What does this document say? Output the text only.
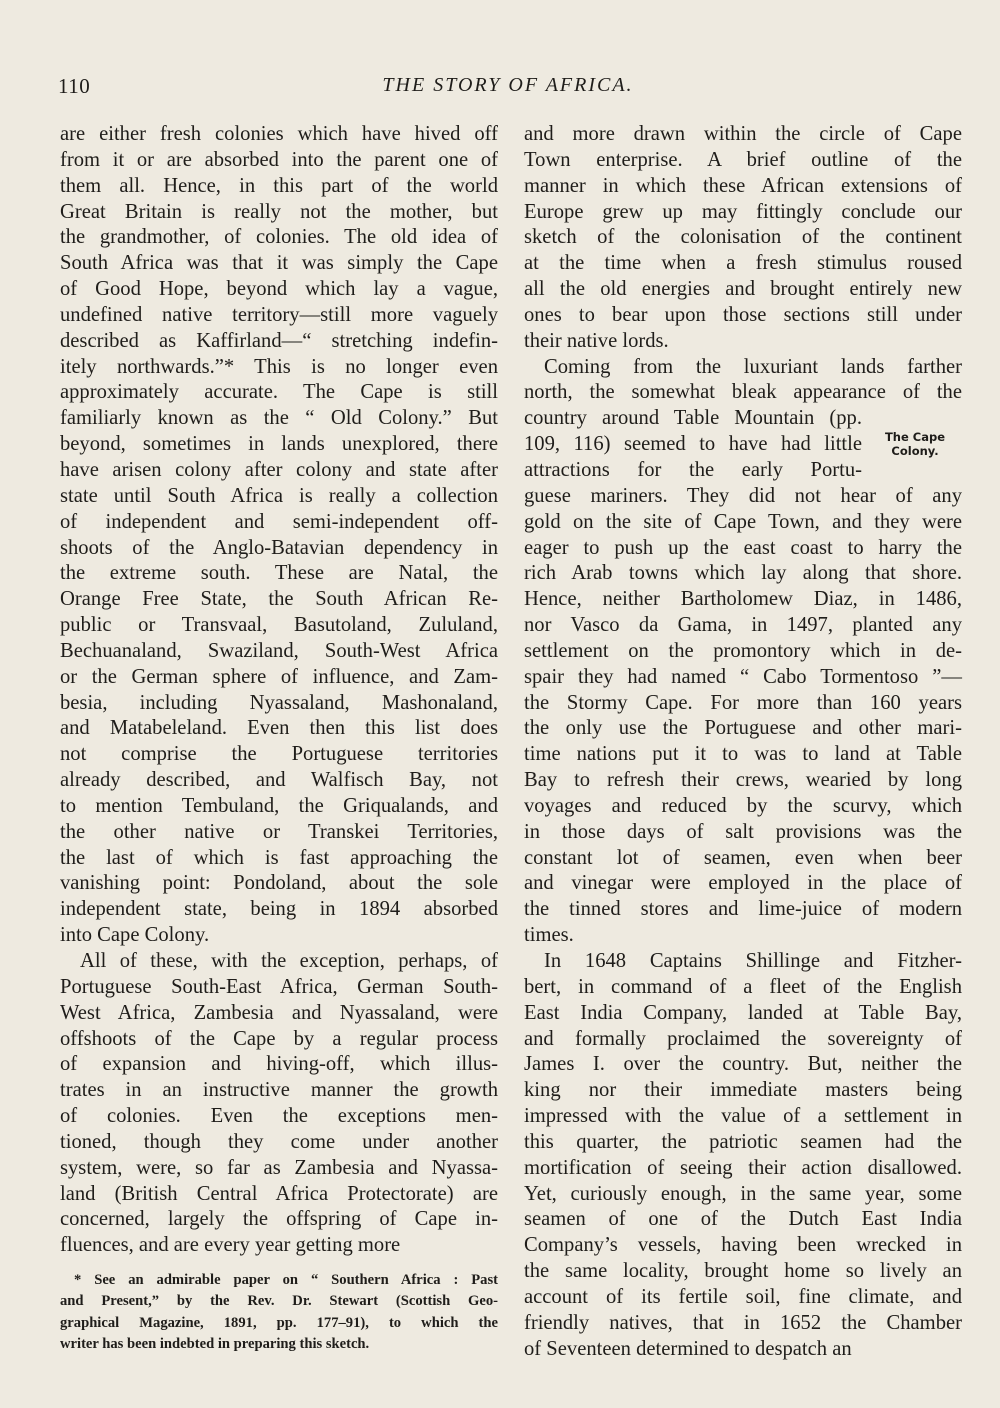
110	THE STORY OF AFRICA.
are either fresh colonies which have hived off
from it or are absorbed into the parent one of
them all. Hence, in this part of the world
Great Britain is really not the mother, but
the grandmother, of colonies. The old idea of
South Africa was that it was simply the Cape
of Good Hope, beyond which lay a vague,
undefined native territory—still more vaguely
described as Kaffirland—“ stretching indefin-
itely northwards.”* This is no longer even
approximately accurate. The Cape is still
familiarly known as the “ Old Colony.” But
beyond, sometimes in lands unexplored, there
have arisen colony after colony and state after
state until South Africa is really a collection
of independent and semi-independent off-
shoots of the Anglo-Batavian dependency in
the extreme south. These are Natal, the
Orange Free State, the South African Re-
public or Transvaal, Basutoland, Zululand,
Bechuanaland, Swaziland, South-West Africa
or the German sphere of influence, and Zam-
besia, including Nyassaland, Mashonaland,
and Matabeleland. Even then this list does
not comprise the Portuguese territories
already described, and Walfisch Bay, not
to mention Tembuland, the Griqualands, and
the other native or Transkei Territories,
the last of which is fast approaching the
vanishing point: Pondoland, about the sole
independent state, being in 1894 absorbed
into Cape Colony.
All of these, with the exception, perhaps, of
Portuguese South-East Africa, German South-
West Africa, Zambesia and Nyassaland, were
offshoots of the Cape by a regular process
of expansion and hiving-off, which illus-
trates in an instructive manner the growth
of colonies. Even the exceptions men-
tioned, though they come under another
system, were, so far as Zambesia and Nyassa-
land (British Central Africa Protectorate) are
concerned, largely the offspring of Cape in-
fluences, and are every year getting more
and more drawn within the circle of Cape
Town enterprise. A brief outline of the
manner in which these African extensions of
Europe grew up may fittingly conclude our
sketch of the colonisation of the continent
at the time when a fresh stimulus roused
all the old energies and brought entirely new
ones to bear upon those sections still under
their native lords.
Coming from the luxuriant lands farther
north, the somewhat bleak appearance of the
country around Table Mountain (pp.
109, 116) seemed to have had little
attractions for the early Portu-
guese mariners. They did not hear of any
gold on the site of Cape Town, and they were
eager to push up the east coast to harry the
rich Arab towns which lay along that shore.
Hence, neither Bartholomew Diaz, in 1486,
nor Vasco da Gama, in 1497, planted any
settlement on the promontory which in de-
spair they had named “ Cabo Tormentoso ”—
the Stormy Cape. For more than 160 years
the only use the Portuguese and other mari-
time nations put it to was to land at Table
Bay to refresh their crews, wearied by long
voyages and reduced by the scurvy, which
in those days of salt provisions was the
constant lot of seamen, even when beer
and vinegar were employed in the place of
the tinned stores and lime-juice of modern
times.
In 1648 Captains Shillinge and Fitzher-
bert, in command of a fleet of the English
East India Company, landed at Table Bay,
and formally proclaimed the sovereignty of
James I. over the country. But, neither the
king nor their immediate masters being
impressed with the value of a settlement in
this quarter, the patriotic seamen had the
mortification of seeing their action disallowed.
Yet, curiously enough, in the same year, some
seamen of one of the Dutch East India
Company’s vessels, having been wrecked in
the same locality, brought home so lively an
account of its fertile soil, fine climate, and
friendly natives, that in 1652 the Chamber
of Seventeen determined to despatch an
The Cape
Colony.
* See an admirable paper on “ Southern Africa : Past
and Present,” by the Rev. Dr. Stewart (Scottish Geo-
graphical Magazine, 1891, pp. 177–91), to which the
writer has been indebted in preparing this sketch.
